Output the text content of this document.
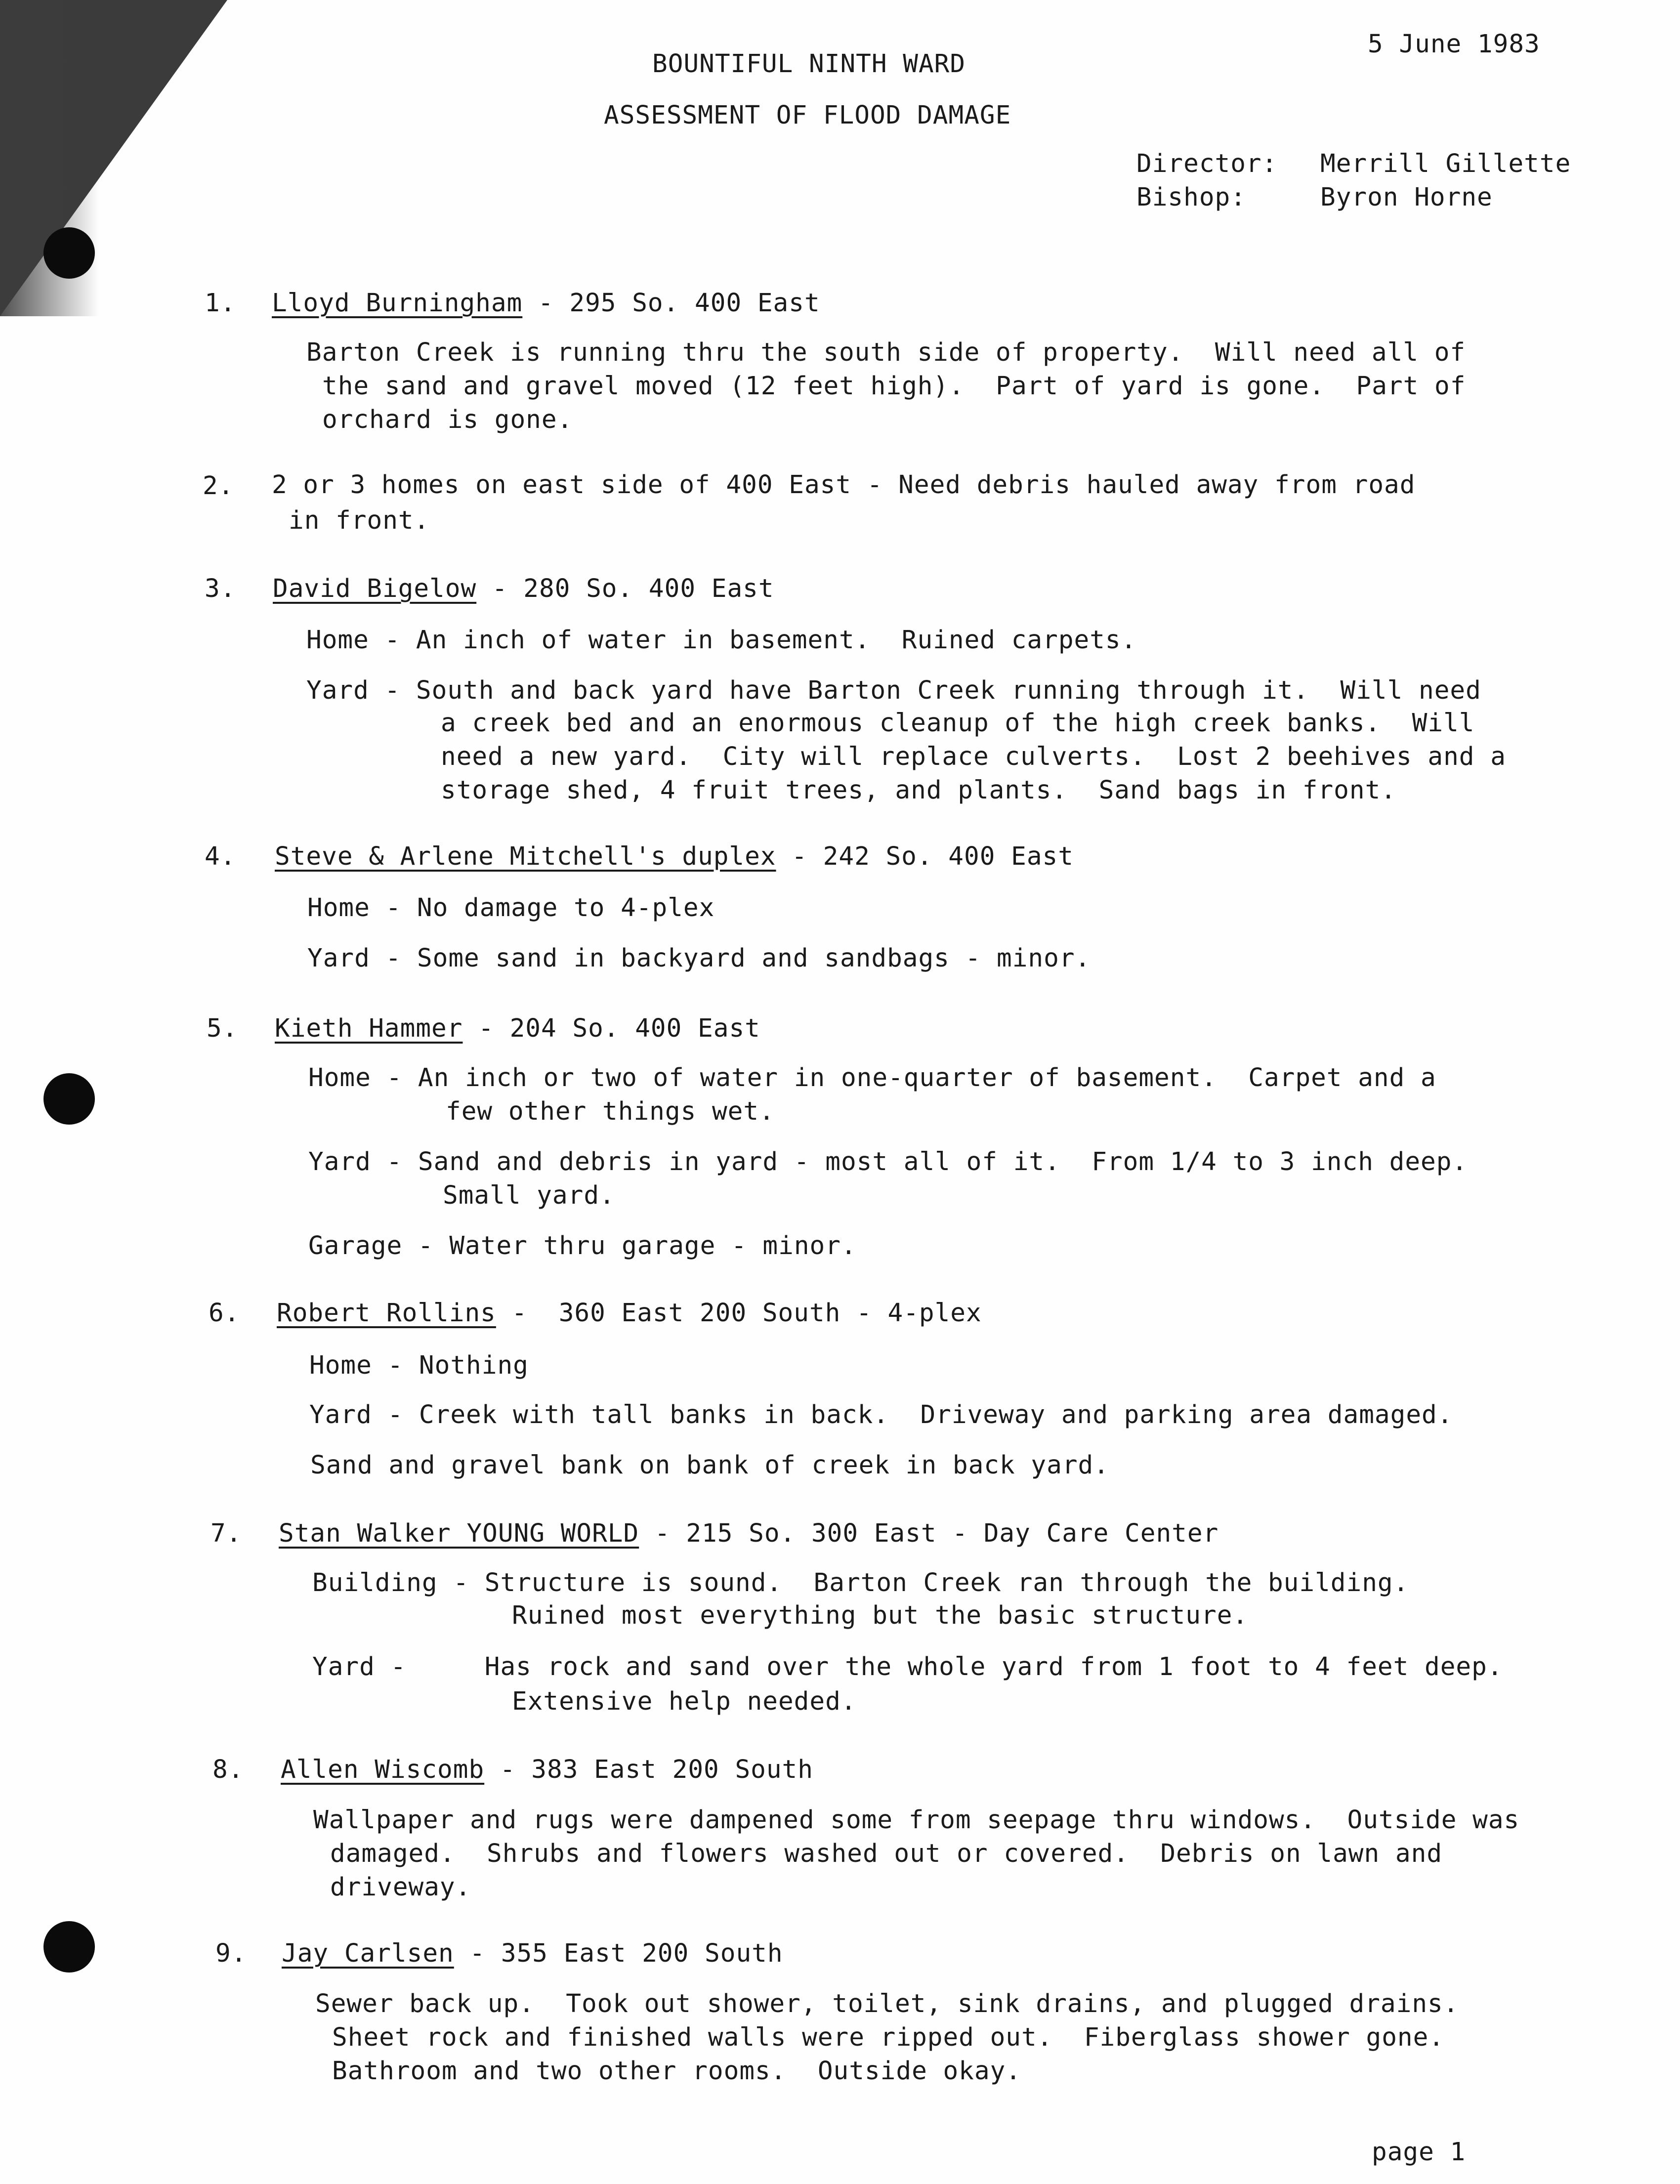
5 June 1983
BOUNTIFUL NINTH WARD
ASSESSMENT OF FLOOD DAMAGE
Director: Merrill Gillette
Bishop:	Byron Horne
1. Lloyd Burningham - 295 So. 400 East
Barton Creek is running thru the south side of property.  Will need all of
the sand and gravel moved (12 feet high).  Part of yard is gone.  Part of
orchard is gone.
2. 2 or 3 homes on east side of 400 East - Need debris hauled away from road
in front.
3. David Bigelow - 280 So. 400 East
Home - An inch of water in basement.  Ruined carpets.
Yard - South and back yard have Barton Creek running through it.  Will need
a creek bed and an enormous cleanup of the high creek banks.  Will
need a new yard.  City will replace culverts.  Lost 2 beehives and a
storage shed, 4 fruit trees, and plants.  Sand bags in front.
4. Steve & Arlene Mitchell's duplex - 242 So. 400 East
Home - No damage to 4-plex
Yard - Some sand in backyard and sandbags - minor.
5. Kieth Hammer - 204 So. 400 East
Home - An inch or two of water in one-quarter of basement.  Carpet and a
few other things wet.
Yard - Sand and debris in yard - most all of it.  From 1/4 to 3 inch deep.
Small yard.
Garage - Water thru garage - minor.
6. Robert Rollins -  360 East 200 South - 4-plex
Home - Nothing
Yard - Creek with tall banks in back.  Driveway and parking area damaged.
Sand and gravel bank on bank of creek in back yard.
7. Stan Walker YOUNG WORLD - 215 So. 300 East - Day Care Center
Building - Structure is sound.  Barton Creek ran through the building.
Ruined most everything but the basic structure.
Yard -     Has rock and sand over the whole yard from 1 foot to 4 feet deep.
Extensive help needed.
8. Allen Wiscomb - 383 East 200 South
Wallpaper and rugs were dampened some from seepage thru windows.  Outside was
damaged.  Shrubs and flowers washed out or covered.  Debris on lawn and
driveway.
9. Jay Carlsen - 355 East 200 South
Sewer back up.  Took out shower, toilet, sink drains, and plugged drains.
Sheet rock and finished walls were ripped out.  Fiberglass shower gone.
Bathroom and two other rooms.  Outside okay.
page 1
